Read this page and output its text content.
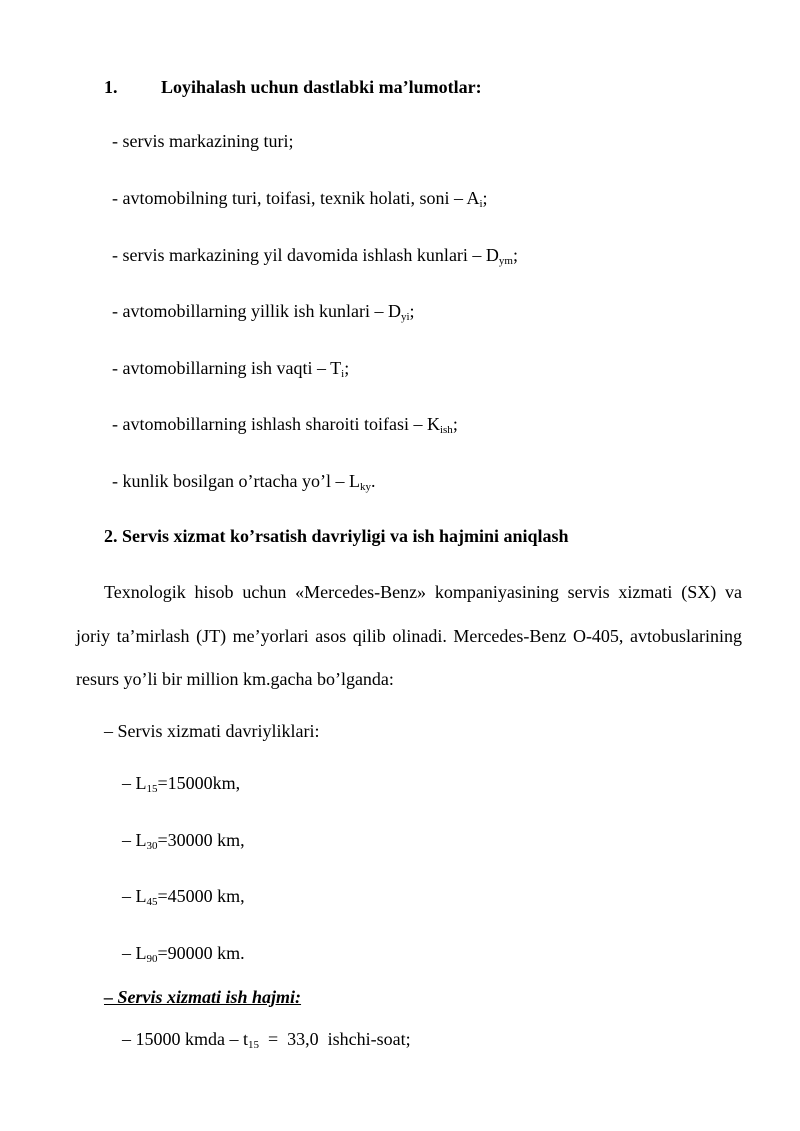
1. Loyihalash uchun dastlabki ma’lumotlar:
- servis markazining turi;
- avtomobilning turi, toifasi, texnik holati, soni – $A_i$;
- servis markazining yil davomida ishlash kunlari – $D_{ym}$;
- avtomobillarning yillik ish kunlari – $D_{yi}$;
- avtomobillarning ish vaqti – $T_i$;
- avtomobillarning ishlash sharoiti toifasi – $K_{ish}$;
- kunlik bosilgan o’rtacha yo’l – $L_{ky}$.
2. Servis xizmat ko’rsatish davriyligi va ish hajmini aniqlash
Texnologik hisob uchun «Mercedes-Benz» kompaniyasining servis xizmati (SX) va
joriy ta’mirlash (JT) me’yorlari asos qilib olinadi. Mercedes-Benz O-405, avtobuslarining
resurs yo’li bir million km.gacha bo’lganda:
– Servis xizmati davriyliklari:
– $L_{15}=15000km$,
– $L_{30}=30000$ km,
– $L_{45}=45000$ km,
– $L_{90}=90000$ km.
– Servis xizmati ish hajmi:
– 15000 kmda – $t_{15} = 33,0$  ishchi-soat;
